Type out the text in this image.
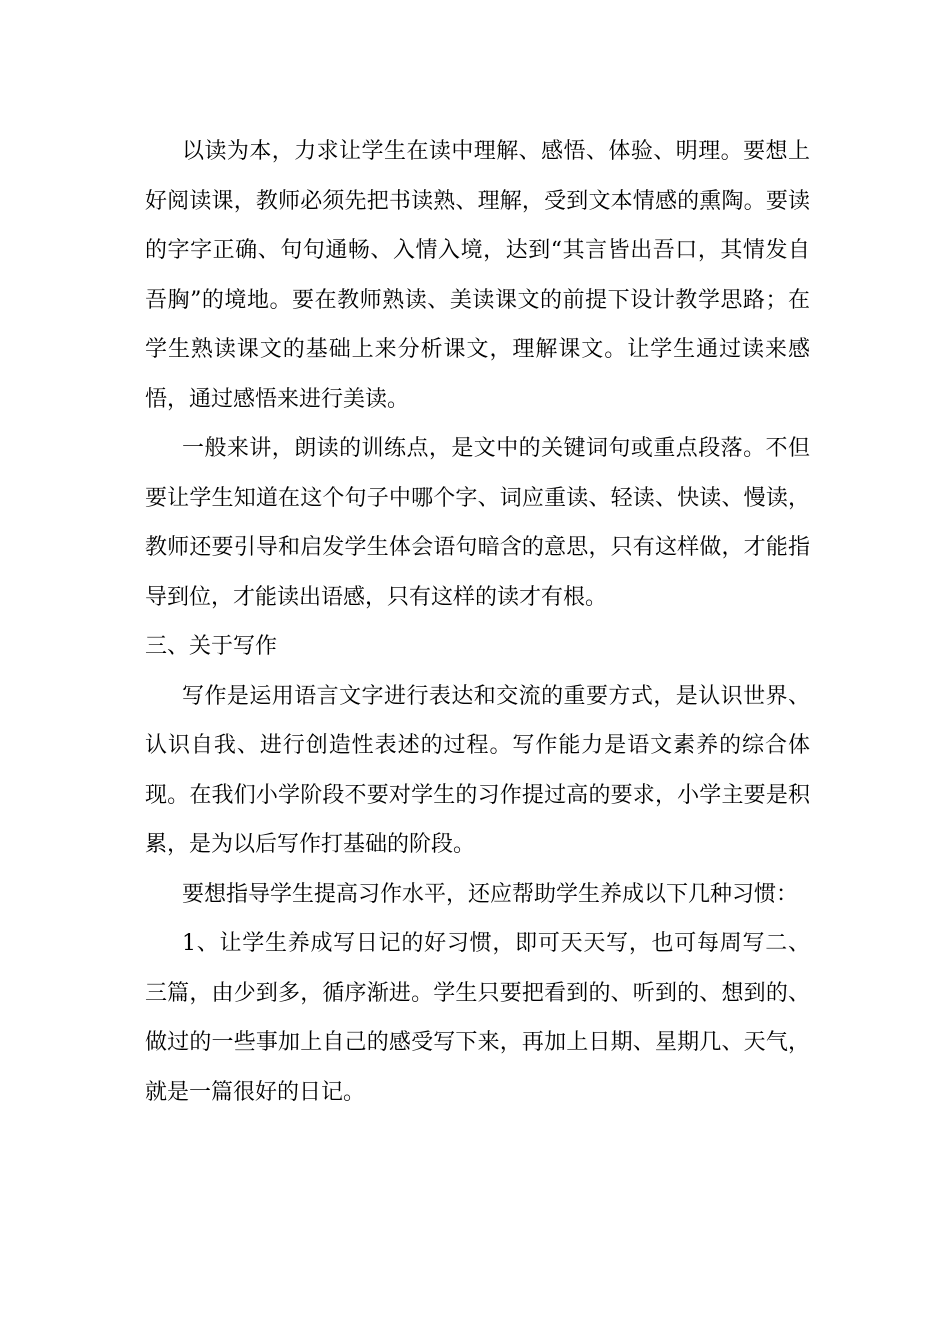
以读为本，力求让学生在读中理解、感悟、体验、明理。要想上好阅读课，教师必须先把书读熟、理解，受到文本情感的熏陶。要读的字字正确、句句通畅、入情入境，达到“其言皆出吾口，其情发自吾胸”的境地。要在教师熟读、美读课文的前提下设计教学思路；在学生熟读课文的基础上来分析课文，理解课文。让学生通过读来感悟，通过感悟来进行美读。

一般来讲，朗读的训练点，是文中的关键词句或重点段落。不但要让学生知道在这个句子中哪个字、词应重读、轻读、快读、慢读，教师还要引导和启发学生体会语句暗含的意思，只有这样做，才能指导到位，才能读出语感，只有这样的读才有根。

三、关于写作

写作是运用语言文字进行表达和交流的重要方式，是认识世界、认识自我、进行创造性表述的过程。写作能力是语文素养的综合体现。在我们小学阶段不要对学生的习作提过高的要求，小学主要是积累，是为以后写作打基础的阶段。

要想指导学生提高习作水平，还应帮助学生养成以下几种习惯：

1、让学生养成写日记的好习惯，即可天天写，也可每周写二、三篇，由少到多，循序渐进。学生只要把看到的、听到的、想到的、做过的一些事加上自己的感受写下来，再加上日期、星期几、天气，就是一篇很好的日记。
